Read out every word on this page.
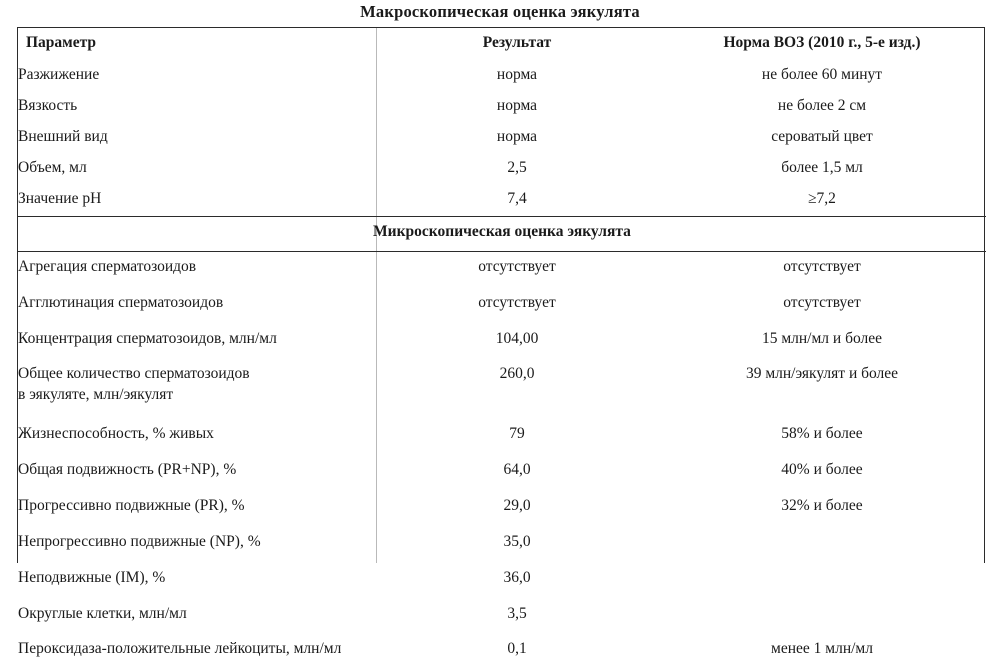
Макроскопическая оценка эякулята
Параметр	Результат	Норма ВОЗ (2010 г., 5-е изд.)
Разжижение	норма	не более 60 минут
Вязкость	норма	не более 2 см
Внешний вид	норма	сероватый цвет
Объем, мл	2,5	более 1,5 мл
Значение pH	7,4	≥7,2
Микроскопическая оценка эякулята		
Агрегация сперматозоидов	отсутствует	отсутствует
Агглютинация сперматозоидов	отсутствует	отсутствует
Концентрация сперматозоидов, млн/мл	104,00	15 млн/мл и более
Общее количество сперматозоидов
в эякуляте, млн/эякулят	260,0	39 млн/эякулят и более

Жизнеспособность, % живых	79	58% и более
Общая подвижность (PR+NP), %	64,0	40% и более
Прогрессивно подвижные (PR), %	29,0	32% и более
Непрогрессивно подвижные (NP), %	35,0	
Неподвижные (IM), %	36,0	
Округлые клетки, млн/мл	3,5	
Пероксидаза-положительные лейкоциты, млн/мл	0,1	менее 1 млн/мл
